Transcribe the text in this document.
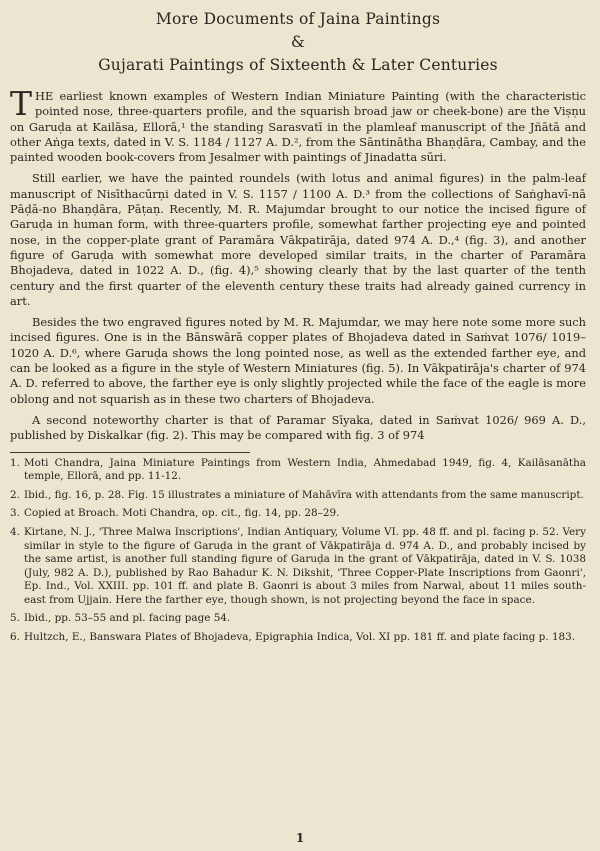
More Documents of Jaina Paintings
&
Gujarati Paintings of Sixteenth & Later Centuries

T HE earliest known examples of Western Indian Miniature Painting (with the characteristic pointed nose, three-quarters profile, and the squarish broad jaw or cheek-bone) are the Viṣṇu on Garuḍa at Kailāsa, Ellorā,¹ the standing Sarasvatī in the plamleaf manuscript of the Jñātā and other Aṅga texts, dated in V. S. 1184 / 1127 A. D.², from the Sāntinātha Bhaṇḍāra, Cambay, and the painted wooden book-covers from Jesalmer with paintings of Jinadatta sūri.

Still earlier, we have the painted roundels (with lotus and animal figures) in the palm-leaf manuscript of Nisīthacūrṇi dated in V. S. 1157 / 1100 A. D.³ from the collections of Saṅghavī-nā Pāḍā-no Bhaṇḍāra, Pāṭaṇ. Recently, M. R. Majumdar brought to our notice the incised figure of Garuḍa in human form, with three-quarters profile, somewhat farther projecting eye and pointed nose, in the copper-plate grant of Paramāra Vākpatirāja, dated 974 A. D.,⁴ (fig. 3), and another figure of Garuḍa with somewhat more developed similar traits, in the charter of Paramāra Bhojadeva, dated in 1022 A. D., (fig. 4),⁵ showing clearly that by the last quarter of the tenth century and the first quarter of the eleventh century these traits had already gained currency in art.

Besides the two engraved figures noted by M. R. Majumdar, we may here note some more such incised figures. One is in the Bānswārā copper plates of Bhojadeva dated in Saṁvat 1076/ 1019–1020 A. D.⁶, where Garuḍa shows the long pointed nose, as well as the extended farther eye, and can be looked as a figure in the style of Western Miniatures (fig. 5). In Vākpatirāja's charter of 974 A. D. referred to above, the farther eye is only slightly projected while the face of the eagle is more oblong and not squarish as in these two charters of Bhojadeva.

A second noteworthy charter is that of Paramar Sīyaka, dated in Saṁvat 1026/ 969 A. D., published by Diskalkar (fig. 2). This may be compared with fig. 3 of 974

1. Moti Chandra, Jaina Miniature Paintings from Western India, Ahmedabad 1949, fig. 4, Kailāsanātha temple, Ellorā, and pp. 11-12.
2. Ibid., fig. 16, p. 28. Fig. 15 illustrates a miniature of Mahāvīra with attendants from the same manuscript.
3. Copied at Broach. Moti Chandra, op. cit., fig. 14, pp. 28–29.
4. Kirtane, N. J., 'Three Malwa Inscriptions', Indian Antiquary, Volume VI. pp. 48 ff. and pl. facing p. 52. Very similar in style to the figure of Garuḍa in the grant of Vākpatirāja d. 974 A. D., and probably incised by the same artist, is another full standing figure of Garuḍa in the grant of Vākpatirāja, dated in V. S. 1038 (July, 982 A. D.), published by Rao Bahadur K. N. Dikshit, 'Three Copper-Plate Inscriptions from Gaonri', Ep. Ind., Vol. XXIII. pp. 101 ff. and plate B. Gaonri is about 3 miles from Narwal, about 11 miles south-east from Ujjain. Here the farther eye, though shown, is not projecting beyond the face in space.
5. Ibid., pp. 53–55 and pl. facing page 54.
6. Hultzch, E., Banswara Plates of Bhojadeva, Epigraphia Indica, Vol. XI pp. 181 ff. and plate facing p. 183.
1
